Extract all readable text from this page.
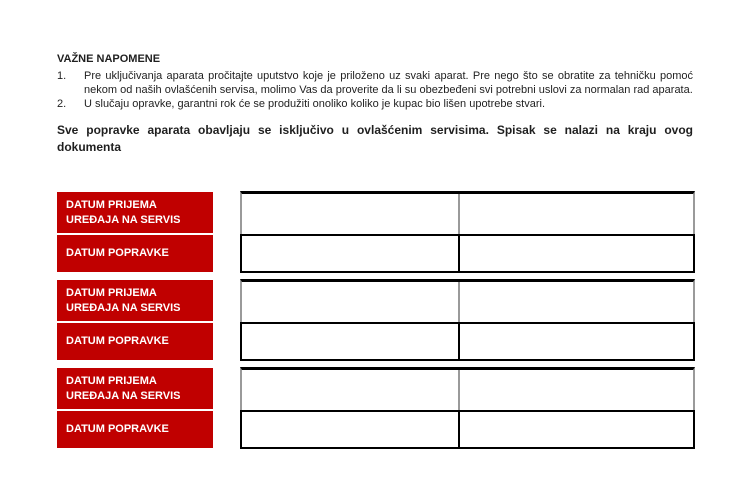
VAŽNE NAPOMENE
1.	Pre uključivanja aparata pročitajte uputstvo koje je priloženo uz svaki aparat. Pre nego što se obratite za tehničku pomoć nekom od naših ovlašćenih servisa, molimo Vas da proverite da li su obezbeđeni svi potrebni uslovi za normalan rad aparata.
2.	U slučaju opravke, garantni rok će se produžiti onoliko koliko je kupac bio lišen upotrebe stvari.

Sve popravke aparata obavljaju se isključivo u ovlašćenim servisima. Spisak se nalazi na kraju ovog dokumenta

DATUM PRIJEMA UREĐAJA NA SERVIS
DATUM POPRAVKE
DATUM PRIJEMA UREĐAJA NA SERVIS
DATUM POPRAVKE
DATUM PRIJEMA UREĐAJA NA SERVIS
DATUM POPRAVKE
